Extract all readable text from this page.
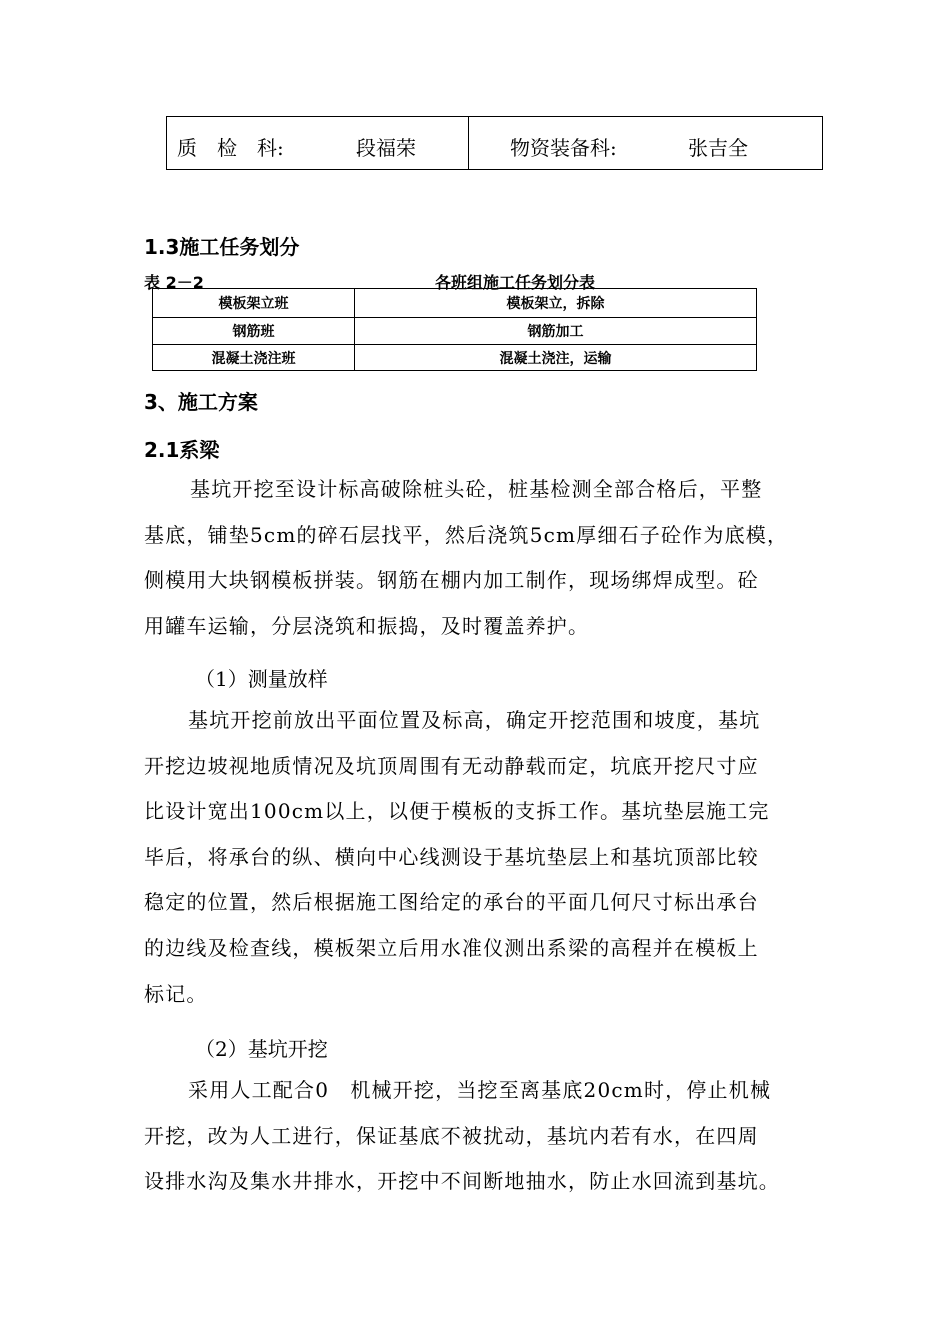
质　检　科:	段福荣	物资装备科:	张吉全
1.3施工任务划分
表 2－2	各班组施工任务划分表
模板架立班	模板架立，拆除
钢筋班	钢筋加工
混凝土浇注班	混凝土浇注，运输
3、施工方案
2.1系梁
基坑开挖至设计标高破除桩头砼，桩基检测全部合格后，平整
基底，铺垫5cm的碎石层找平，然后浇筑5cm厚细石子砼作为底模，
侧模用大块钢模板拼装。钢筋在棚内加工制作，现场绑焊成型。砼
用罐车运输，分层浇筑和振捣，及时覆盖养护。
（1）测量放样
基坑开挖前放出平面位置及标高，确定开挖范围和坡度，基坑
开挖边坡视地质情况及坑顶周围有无动静载而定，坑底开挖尺寸应
比设计宽出100cm以上，以便于模板的支拆工作。基坑垫层施工完
毕后，将承台的纵、横向中心线测设于基坑垫层上和基坑顶部比较
稳定的位置，然后根据施工图给定的承台的平面几何尺寸标出承台
的边线及检查线，模板架立后用水准仪测出系梁的高程并在模板上
标记。
（2）基坑开挖
采用人工配合0　机械开挖，当挖至离基底20cm时，停止机械
开挖，改为人工进行，保证基底不被扰动，基坑内若有水，在四周
设排水沟及集水井排水，开挖中不间断地抽水，防止水回流到基坑。
